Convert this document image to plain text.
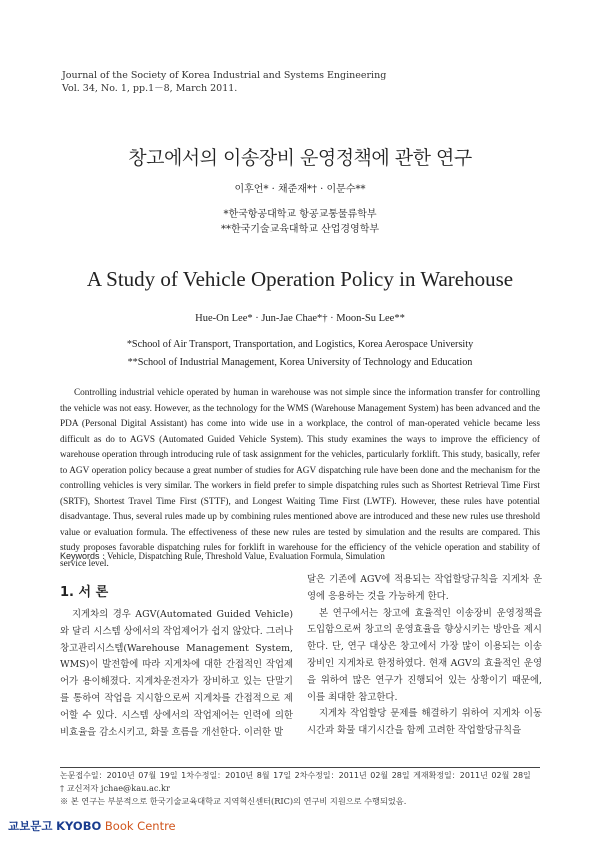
Journal of the Society of Korea Industrial and Systems Engineering
Vol. 34, No. 1, pp.1－8, March 2011.
창고에서의 이송장비 운영정책에 관한 연구
이후언* · 채준재*† · 이문수**
*한국항공대학교 항공교통물류학부
**한국기술교육대학교 산업경영학부
A Study of Vehicle Operation Policy in Warehouse
Hue-On Lee* · Jun-Jae Chae*† · Moon-Su Lee**
*School of Air Transport, Transportation, and Logistics, Korea Aerospace University
**School of Industrial Management, Korea University of Technology and Education
Controlling industrial vehicle operated by human in warehouse was not simple since the information transfer for controlling the vehicle was not easy. However, as the technology for the WMS (Warehouse Management System) has been advanced and the PDA (Personal Digital Assistant) has come into wide use in a workplace, the control of man-operated vehicle became less difficult as do to AGVS (Automated Guided Vehicle System). This study examines the ways to improve the efficiency of warehouse operation through introducing rule of task assignment for the vehicles, particularly forklift. This study, basically, refer to AGV operation policy because a great number of studies for AGV dispatching rule have been done and the mechanism for the controlling vehicles is very similar. The workers in field prefer to simple dispatching rules such as Shortest Retrieval Time First (SRTF), Shortest Travel Time First (STTF), and Longest Waiting Time First (LWTF). However, these rules have potential disadvantage. Thus, several rules made up by combining rules mentioned above are introduced and these new rules use threshold value or evaluation formula. The effectiveness of these new rules are tested by simulation and the results are compared. This study proposes favorable dispatching rules for forklift in warehouse for the efficiency of the vehicle operation and stability of service level.
Keywords : Vehicle, Dispatching Rule, Threshold Value, Evaluation Formula, Simulation
1. 서 론

지게차의 경우 AGV(Automated Guided Vehicle)와 달리 시스템 상에서의 작업제어가 쉽지 않았다. 그러나 창고관리시스템(Warehouse Management System, WMS)이 발전함에 따라 지게차에 대한 간접적인 작업제어가 용이해졌다. 지게차운전자가 장비하고 있는 단말기를 통하여 작업을 지시함으로써 지게차를 간접적으로 제어할 수 있다. 시스템 상에서의 작업제어는 인력에 의한 비효율을 감소시키고, 화물 흐름을 개선한다. 이러한 발

달은 기존에 AGV에 적용되는 작업할당규칙을 지게차 운영에 응용하는 것을 가능하게 한다.

본 연구에서는 창고에 효율적인 이송장비 운영정책을 도입함으로써 창고의 운영효율을 향상시키는 방안을 제시한다. 단, 연구 대상은 창고에서 가장 많이 이용되는 이송장비인 지게차로 한정하였다. 현재 AGV의 효율적인 운영을 위하여 많은 연구가 진행되어 있는 상황이기 때문에, 이를 최대한 참고한다.

지게차 작업할당 문제를 해결하기 위하여 지게차 이동시간과 화물 대기시간을 함께 고려한 작업할당규칙을

논문접수일：2010년 07월 19일 1차수정일：2010년 8월 17일 2차수정일：2011년 02월 28일 게재확정일：2011년 02월 28일
† 교신저자 jchae@kau.ac.kr
※ 본 연구는 부분적으로 한국기술교육대학교 지역혁신센터(RIC)의 연구비 지원으로 수행되었음.
교보문고 KYOBO Book Centre
